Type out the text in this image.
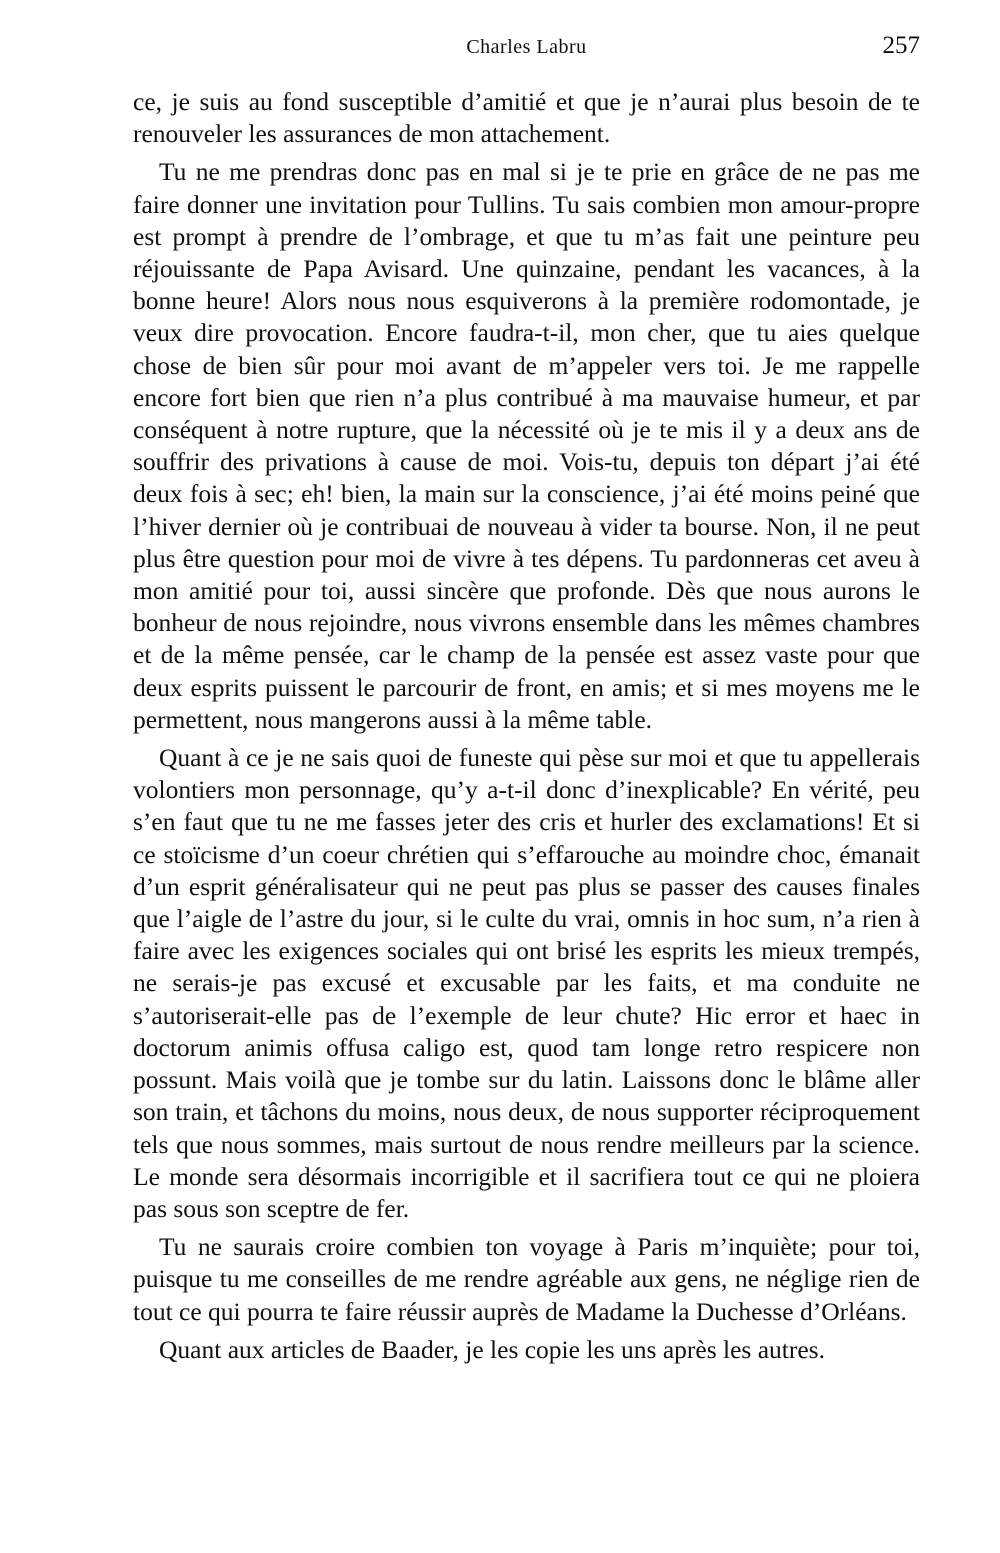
Charles Labru	257

ce, je suis au fond susceptible d’amitié et que je n’aurai plus besoin de te renouveler les assurances de mon attachement.

Tu ne me prendras donc pas en mal si je te prie en grâce de ne pas me faire donner une invitation pour Tullins. Tu sais combien mon amour-propre est prompt à prendre de l’ombrage, et que tu m’as fait une peinture peu réjouissante de Papa Avisard. Une quinzaine, pendant les vacances, à la bonne heure! Alors nous nous esquiverons à la première rodomontade, je veux dire provocation. Encore faudra-t-il, mon cher, que tu aies quelque chose de bien sûr pour moi avant de m’appeler vers toi. Je me rappelle encore fort bien que rien n’a plus contribué à ma mauvaise humeur, et par conséquent à notre rupture, que la nécessité où je te mis il y a deux ans de souffrir des privations à cause de moi. Vois-tu, depuis ton départ j’ai été deux fois à sec; eh! bien, la main sur la conscience, j’ai été moins peiné que l’hiver dernier où je contribuai de nouveau à vider ta bourse. Non, il ne peut plus être question pour moi de vivre à tes dépens. Tu pardonneras cet aveu à mon amitié pour toi, aussi sincère que profonde. Dès que nous aurons le bonheur de nous rejoindre, nous vivrons ensemble dans les mêmes chambres et de la même pensée, car le champ de la pensée est assez vaste pour que deux esprits puissent le parcourir de front, en amis; et si mes moyens me le permettent, nous mangerons aussi à la même table.

Quant à ce je ne sais quoi de funeste qui pèse sur moi et que tu appellerais volontiers mon personnage, qu’y a-t-il donc d’inexplicable? En vérité, peu s’en faut que tu ne me fasses jeter des cris et hurler des exclamations! Et si ce stoïcisme d’un coeur chrétien qui s’effarouche au moindre choc, émanait d’un esprit généralisateur qui ne peut pas plus se passer des causes finales que l’aigle de l’astre du jour, si le culte du vrai, omnis in hoc sum, n’a rien à faire avec les exigences sociales qui ont brisé les esprits les mieux trempés, ne serais-je pas excusé et excusable par les faits, et ma conduite ne s’autoriserait-elle pas de l’exemple de leur chute? Hic error et haec in doctorum animis offusa caligo est, quod tam longe retro respicere non possunt. Mais voilà que je tombe sur du latin. Laissons donc le blâme aller son train, et tâchons du moins, nous deux, de nous supporter réciproquement tels que nous sommes, mais surtout de nous rendre meilleurs par la science. Le monde sera désormais incorrigible et il sacrifiera tout ce qui ne ploiera pas sous son sceptre de fer.

Tu ne saurais croire combien ton voyage à Paris m’inquiète; pour toi, puisque tu me conseilles de me rendre agréable aux gens, ne néglige rien de tout ce qui pourra te faire réussir auprès de Madame la Duchesse d’Orléans.

Quant aux articles de Baader, je les copie les uns après les autres.
